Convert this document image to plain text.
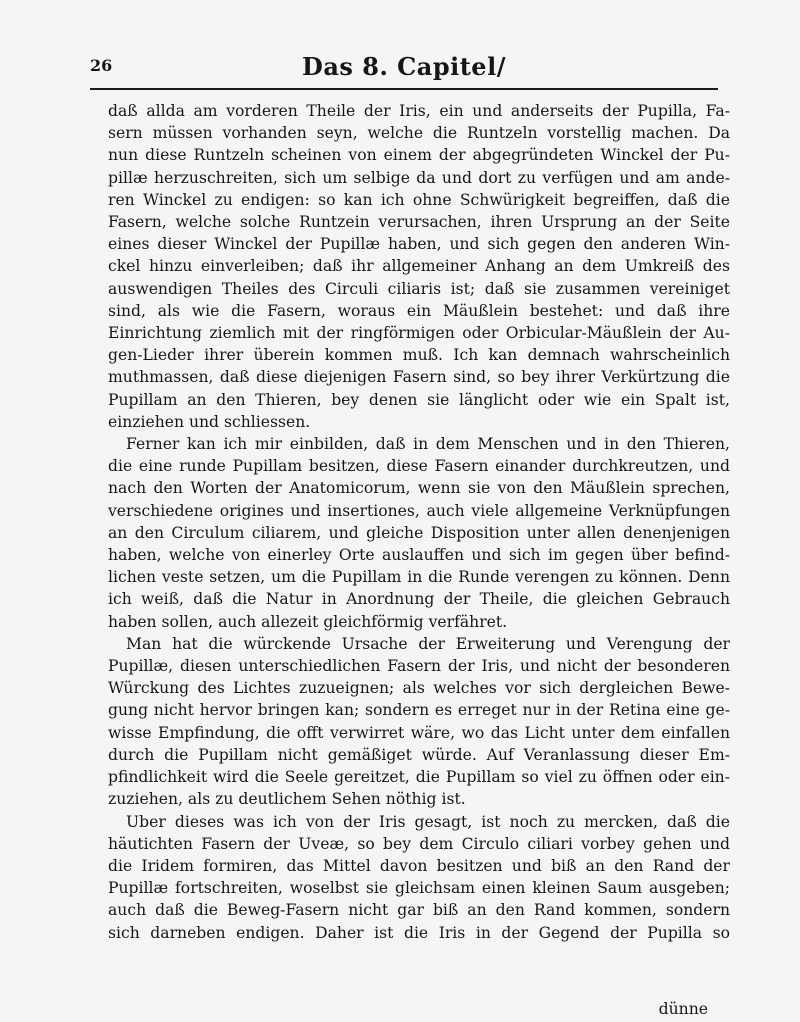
26	Das 8. Capitel/
daß allda am vorderen Theile der Iris, ein und anderseits der Pupilla, Fa-
sern müssen vorhanden seyn, welche die Runtzeln vorstellig machen. Da
nun diese Runtzeln scheinen von einem der abgegründeten Winckel der Pu-
pillæ herzuschreiten, sich um selbige da und dort zu verfügen und am ande-
ren Winckel zu endigen: so kan ich ohne Schwürigkeit begreiffen, daß die
Fasern, welche solche Runtzein verursachen, ihren Ursprung an der Seite
eines dieser Winckel der Pupillæ haben, und sich gegen den anderen Win-
ckel hinzu einverleiben; daß ihr allgemeiner Anhang an dem Umkreiß des
auswendigen Theiles des Circuli ciliaris ist; daß sie zusammen vereiniget
sind, als wie die Fasern, woraus ein Mäußlein bestehet: und daß ihre
Einrichtung ziemlich mit der ringförmigen oder Orbicular-Mäußlein der Au-
gen-Lieder ihrer überein kommen muß. Ich kan demnach wahrscheinlich
muthmassen, daß diese diejenigen Fasern sind, so bey ihrer Verkürtzung die
Pupillam an den Thieren, bey denen sie länglicht oder wie ein Spalt ist,
einziehen und schliessen.
Ferner kan ich mir einbilden, daß in dem Menschen und in den Thieren,
die eine runde Pupillam besitzen, diese Fasern einander durchkreutzen, und
nach den Worten der Anatomicorum, wenn sie von den Mäußlein sprechen,
verschiedene origines und insertiones, auch viele allgemeine Verknüpfungen
an den Circulum ciliarem, und gleiche Disposition unter allen denenjenigen
haben, welche von einerley Orte auslauffen und sich im gegen über befind-
lichen veste setzen, um die Pupillam in die Runde verengen zu können. Denn
ich weiß, daß die Natur in Anordnung der Theile, die gleichen Gebrauch
haben sollen, auch allezeit gleichförmig verfähret.
Man hat die würckende Ursache der Erweiterung und Verengung der
Pupillæ, diesen unterschiedlichen Fasern der Iris, und nicht der besonderen
Würckung des Lichtes zuzueignen; als welches vor sich dergleichen Bewe-
gung nicht hervor bringen kan; sondern es erreget nur in der Retina eine ge-
wisse Empfindung, die offt verwirret wäre, wo das Licht unter dem einfallen
durch die Pupillam nicht gemäßiget würde. Auf Veranlassung dieser Em-
pfindlichkeit wird die Seele gereitzet, die Pupillam so viel zu öffnen oder ein-
zuziehen, als zu deutlichem Sehen nöthig ist.
Uber dieses was ich von der Iris gesagt, ist noch zu mercken, daß die
häutichten Fasern der Uveæ, so bey dem Circulo ciliari vorbey gehen und
die Iridem formiren, das Mittel davon besitzen und biß an den Rand der
Pupillæ fortschreiten, woselbst sie gleichsam einen kleinen Saum ausgeben;
auch daß die Beweg-Fasern nicht gar biß an den Rand kommen, sondern
sich darneben endigen. Daher ist die Iris in der Gegend der Pupilla so
dünne
